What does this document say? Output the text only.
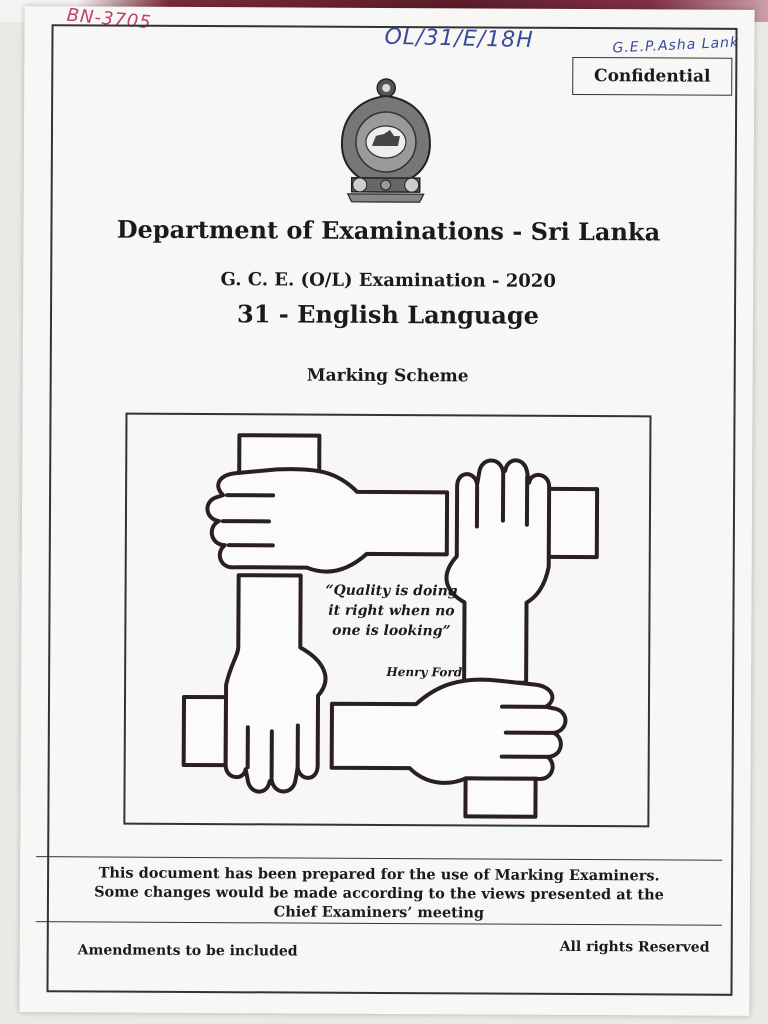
BN-3705
OL/31/E/18H	G.E.P.Asha Lank
Confidential
Department of Examinations - Sri Lanka
G. C. E. (O/L) Examination - 2020
31 - English Language
Marking Scheme
“Quality is doing it right when no one is looking”
Henry Ford
This document has been prepared for the use of Marking Examiners.
Some changes would be made according to the views presented at the
Chief Examiners’ meeting
Amendments to be included	All rights Reserved
